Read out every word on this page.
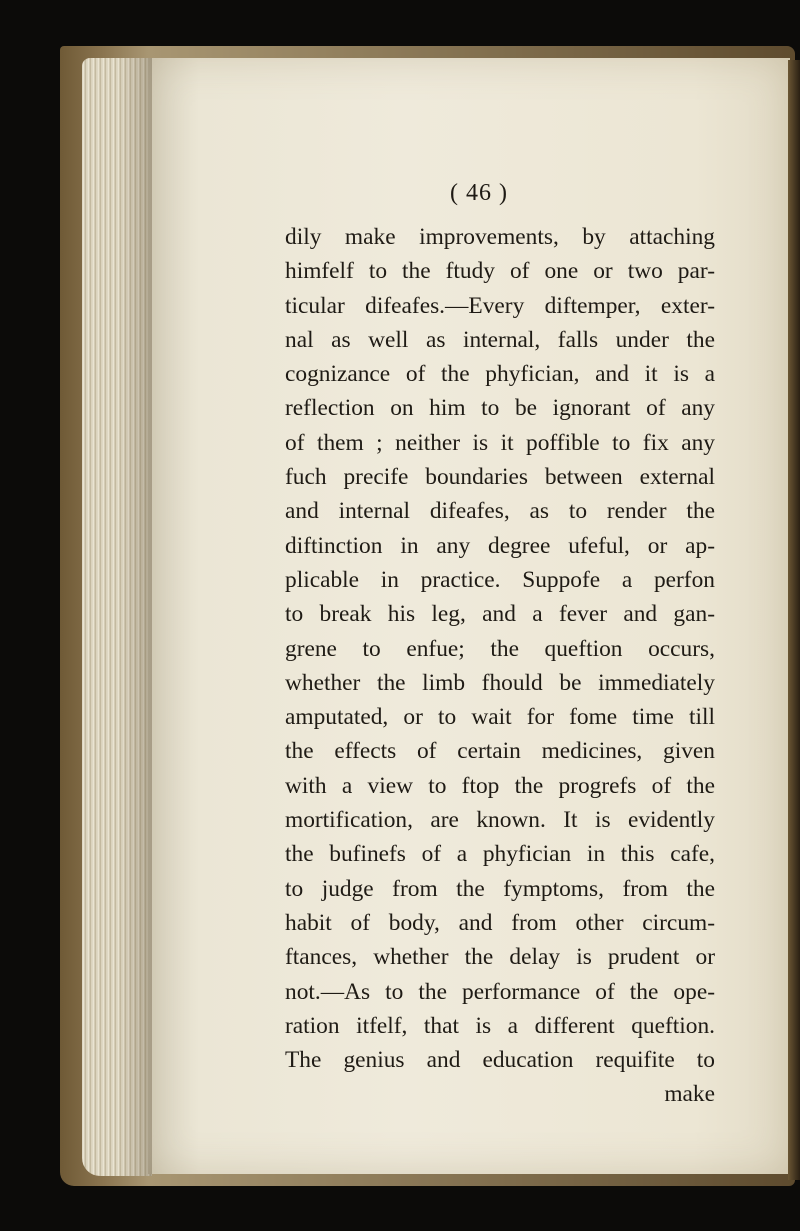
( 46 )
dily make improvements, by attaching
himfelf to the ftudy of one or two par-
ticular difeafes.—Every diftemper, exter-
nal as well as internal, falls under the
cognizance of the phyfician, and it is a
reflection on him to be ignorant of any
of them ; neither is it poffible to fix any
fuch precife boundaries between external
and internal difeafes, as to render the
diftinction in any degree ufeful, or ap-
plicable in practice. Suppofe a perfon
to break his leg, and a fever and gan-
grene to enfue; the queftion occurs,
whether the limb fhould be immediately
amputated, or to wait for fome time till
the effects of certain medicines, given
with a view to ftop the progrefs of the
mortification, are known. It is evidently
the bufinefs of a phyfician in this cafe,
to judge from the fymptoms, from the
habit of body, and from other circum-
ftances, whether the delay is prudent or
not.—As to the performance of the ope-
ration itfelf, that is a different queftion.
The genius and education requifite to
make
